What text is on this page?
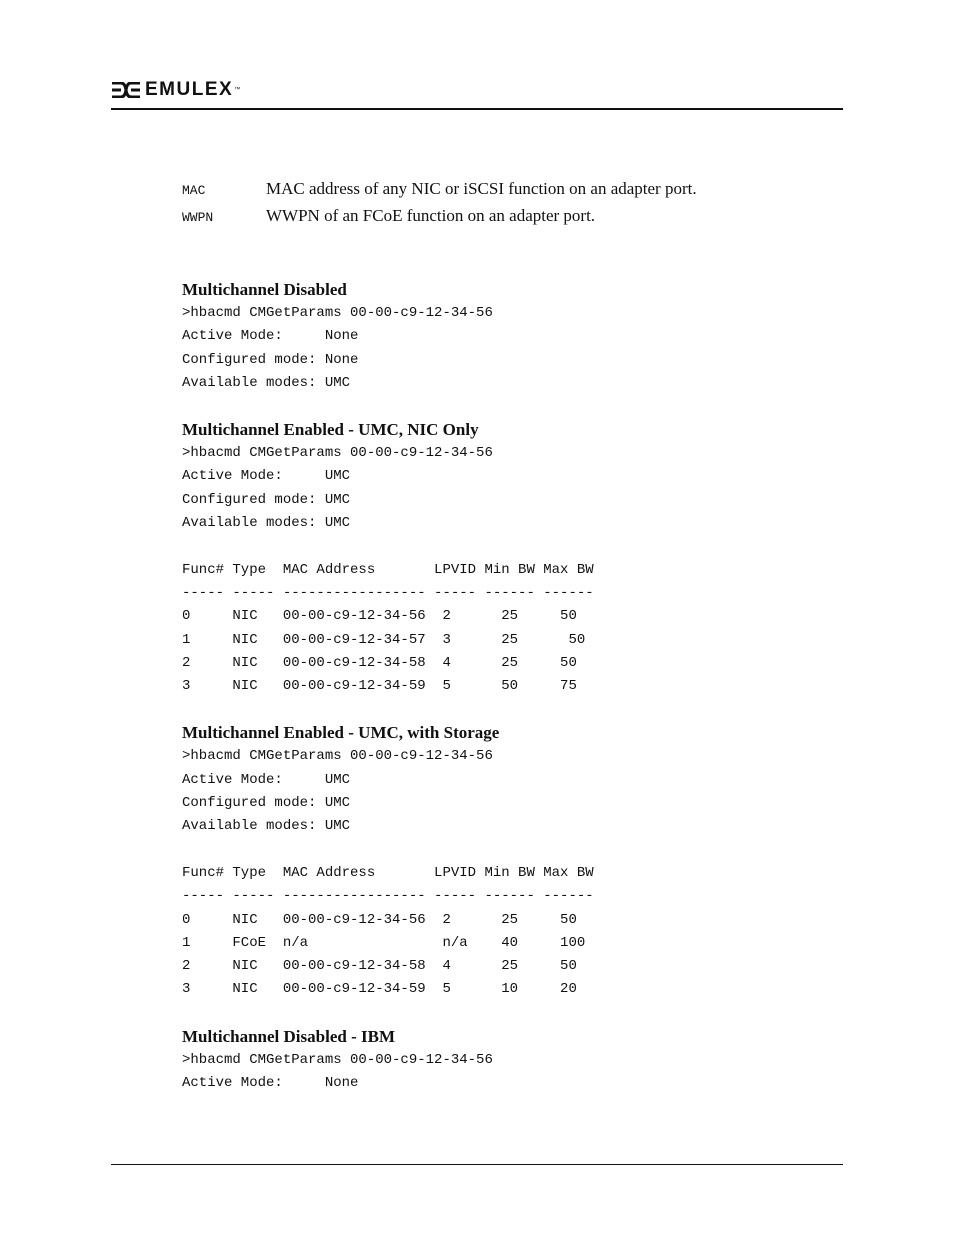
EMULEX ™
MAC	MAC address of any NIC or iSCSI function on an adapter port.
WWPN	WWPN of an FCoE function on an adapter port.
Multichannel Disabled
>hbacmd CMGetParams 00-00-c9-12-34-56
Active Mode:     None
Configured mode: None
Available modes: UMC
Multichannel Enabled - UMC, NIC Only
>hbacmd CMGetParams 00-00-c9-12-34-56
Active Mode:     UMC
Configured mode: UMC
Available modes: UMC

Func# Type  MAC Address       LPVID Min BW Max BW
----- ----- ----------------- ----- ------ ------
0     NIC   00-00-c9-12-34-56  2      25     50
1     NIC   00-00-c9-12-34-57  3      25      50
2     NIC   00-00-c9-12-34-58  4      25     50
3     NIC   00-00-c9-12-34-59  5      50     75
Multichannel Enabled - UMC, with Storage
>hbacmd CMGetParams 00-00-c9-12-34-56
Active Mode:     UMC
Configured mode: UMC
Available modes: UMC

Func# Type  MAC Address       LPVID Min BW Max BW
----- ----- ----------------- ----- ------ ------
0     NIC   00-00-c9-12-34-56  2      25     50
1     FCoE  n/a                n/a    40     100
2     NIC   00-00-c9-12-34-58  4      25     50
3     NIC   00-00-c9-12-34-59  5      10     20
Multichannel Disabled - IBM
>hbacmd CMGetParams 00-00-c9-12-34-56
Active Mode:     None
